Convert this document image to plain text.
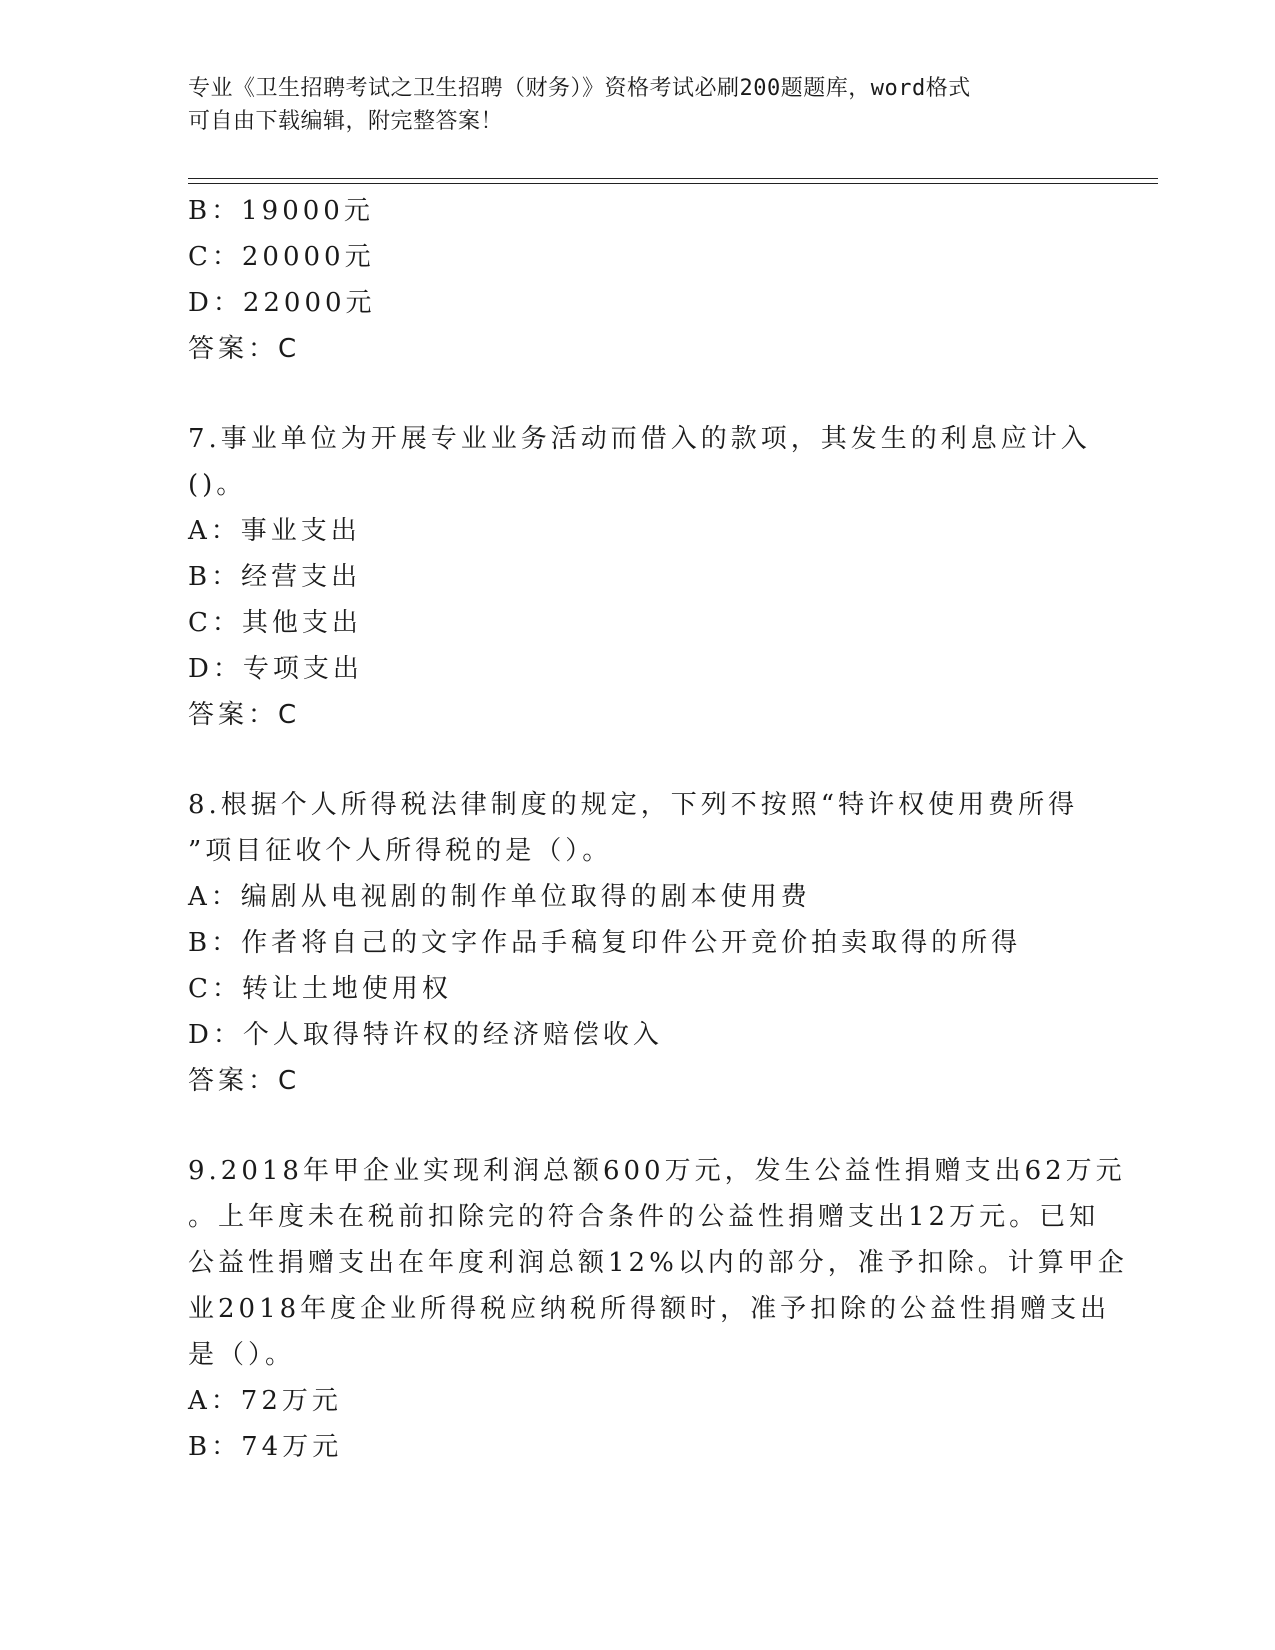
专业《卫生招聘考试之卫生招聘（财务）》资格考试必刷200题题库，word格式
可自由下载编辑，附完整答案！
B：19000元
C：20000元
D：22000元
答案：C
7.事业单位为开展专业业务活动而借入的款项，其发生的利息应计入
()。
A：事业支出
B：经营支出
C：其他支出
D：专项支出
答案：C
8.根据个人所得税法律制度的规定，下列不按照“特许权使用费所得
”项目征收个人所得税的是（）。
A：编剧从电视剧的制作单位取得的剧本使用费
B：作者将自己的文字作品手稿复印件公开竞价拍卖取得的所得
C：转让土地使用权
D：个人取得特许权的经济赔偿收入
答案：C
9.2018年甲企业实现利润总额600万元，发生公益性捐赠支出62万元
。上年度未在税前扣除完的符合条件的公益性捐赠支出12万元。已知
公益性捐赠支出在年度利润总额12%以内的部分，准予扣除。计算甲企
业2018年度企业所得税应纳税所得额时，准予扣除的公益性捐赠支出
是（）。
A：72万元
B：74万元
